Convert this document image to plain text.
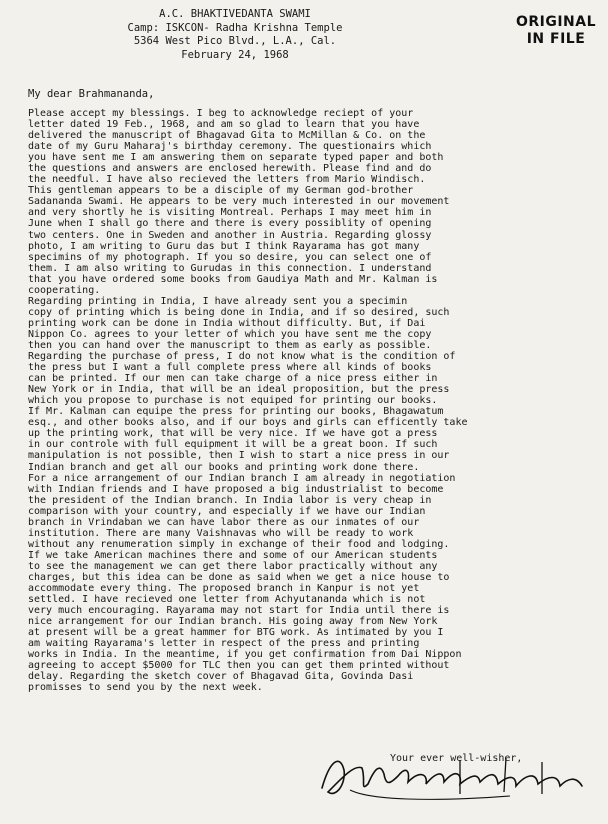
A.C. BHAKTIVEDANTA SWAMI
Camp: ISKCON- Radha Krishna Temple
5364 West Pico Blvd., L.A., Cal.
February 24, 1968
ORIGINAL
IN FILE
My dear Brahmananda,
Please accept my blessings. I beg to acknowledge reciept of your
letter dated 19 Feb., 1968, and am so glad to learn that you have
delivered the manuscript of Bhagavad Gita to McMillan & Co. on the
date of my Guru Maharaj's birthday ceremony. The questionairs which
you have sent me I am answering them on separate typed paper and both
the questions and answers are enclosed herewith. Please find and do
the needful. I have also recieved the letters from Mario Windisch.
This gentleman appears to be a disciple of my German god-brother
Sadananda Swami. He appears to be very much interested in our movement
and very shortly he is visiting Montreal. Perhaps I may meet him in
June when I shall go there and there is every possiblity of opening
two centers. One in Sweden and another in Austria. Regarding glossy
photo, I am writing to Guru das but I think Rayarama has got many
specimins of my photograph. If you so desire, you can select one of
them. I am also writing to Gurudas in this connection. I understand
that you have ordered some books from Gaudiya Math and Mr. Kalman is
cooperating.
Regarding printing in India, I have already sent you a specimin
copy of printing which is being done in India, and if so desired, such
printing work can be done in India without difficulty. But, if Dai
Nippon Co. agrees to your letter of which you have sent me the copy
then you can hand over the manuscript to them as early as possible.
Regarding the purchase of press, I do not know what is the condition of
the press but I want a full complete press where all kinds of books
can be printed. If our men can take charge of a nice press either in
New York or in India, that will be an ideal proposition, but the press
which you propose to purchase is not equiped for printing our books.
If Mr. Kalman can equipe the press for printing our books, Bhagawatum
esq., and other books also, and if our boys and girls can efficently take
up the printing work, that will be very nice. If we have got a press
in our controle with full equipment it will be a great boon. If such
manipulation is not possible, then I wish to start a nice press in our
Indian branch and get all our books and printing work done there.
For a nice arrangement of our Indian branch I am already in negotiation
with Indian friends and I have proposed a big industrialist to become
the president of the Indian branch. In India labor is very cheap in
comparison with your country, and especially if we have our Indian
branch in Vrindaban we can have labor there as our inmates of our
institution. There are many Vaishnavas who will be ready to work
without any renumeration simply in exchange of their food and lodging.
If we take American machines there and some of our American students
to see the management we can get there labor practically without any
charges, but this idea can be done as said when we get a nice house to
accommodate every thing. The proposed branch in Kanpur is not yet
settled. I have recieved one letter from Achyutananda which is not
very much encouraging. Rayarama may not start for India until there is
nice arrangement for our Indian branch. His going away from New York
at present will be a great hammer for BTG work. As intimated by you I
am waiting Rayarama's letter in respect of the press and printing
works in India. In the meantime, if you get confirmation from Dai Nippon
agreeing to accept $5000 for TLC then you can get them printed without
delay. Regarding the sketch cover of Bhagavad Gita, Govinda Dasi
promisses to send you by the next week.
Your ever well-wisher,
